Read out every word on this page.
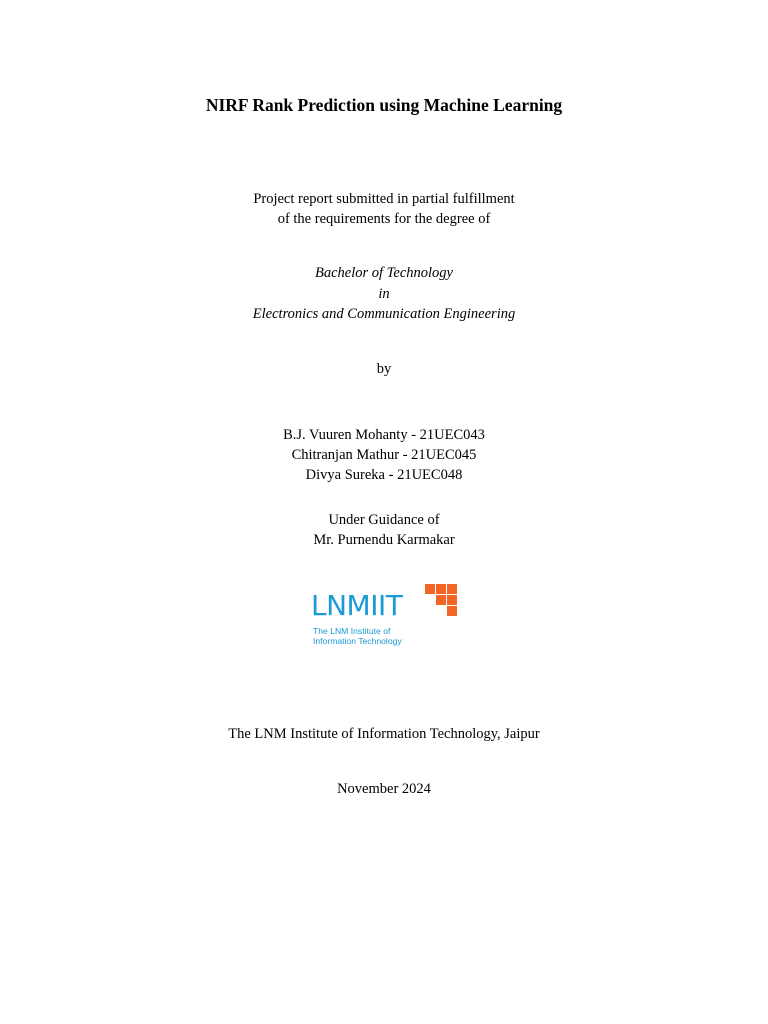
NIRF Rank Prediction using Machine Learning
Project report submitted in partial fulfillment
of the requirements for the degree of
Bachelor of Technology
in
Electronics and Communication Engineering
by
B.J. Vuuren Mohanty - 21UEC043
Chitranjan Mathur - 21UEC045
Divya Sureka - 21UEC048
Under Guidance of
Mr. Purnendu Karmakar
LNMIIT
The LNM Institute of
Information Technology
The LNM Institute of Information Technology, Jaipur
November 2024
